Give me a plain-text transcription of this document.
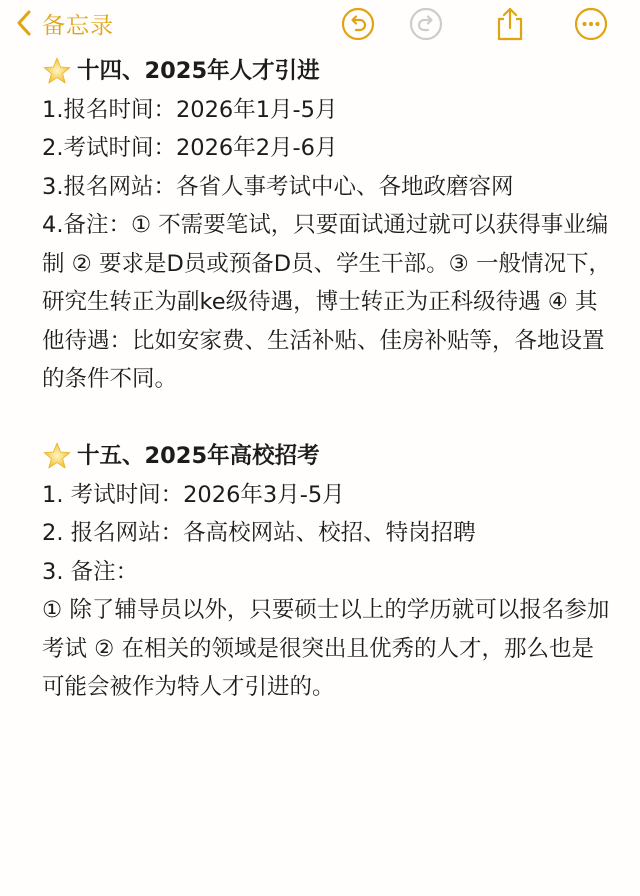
备忘录

十四、2025年人才引进

1.报名时间：2026年1月-5月

2.考试时间：2026年2月-6月

3.报名网站：各省人事考试中心、各地政磨容网

4.备注：① 不需要笔试，只要面试通过就可以获得事业编制 ② 要求是D员或预备D员、学生干部。③ 一般情况下，研究生转正为副ke级待遇，博士转正为正科级待遇 ④ 其他待遇：比如安家费、生活补贴、佳房补贴等，各地设置的条件不同。

十五、2025年高校招考

1. 考试时间：2026年3月-5月

2. 报名网站：各高校网站、校招、特岗招聘

3. 备注：

① 除了辅导员以外，只要硕士以上的学历就可以报名参加考试 ② 在相关的领域是很突出且优秀的人才，那么也是可能会被作为特人才引进的。
